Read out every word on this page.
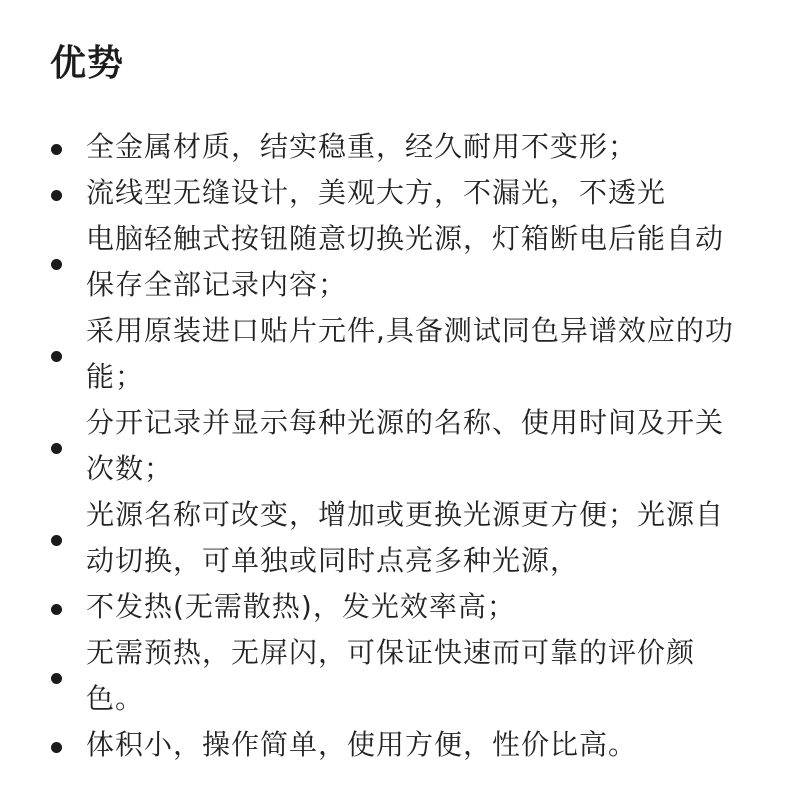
优势
全金属材质，结实稳重，经久耐用不变形；
流线型无缝设计，美观大方，不漏光，不透光
电脑轻触式按钮随意切换光源，灯箱断电后能自动保存全部记录内容；
采用原装进口贴片元件,具备测试同色异谱效应的功能；
分开记录并显示每种光源的名称、使用时间及开关次数；
光源名称可改变，增加或更换光源更方便；光源自动切换，可单独或同时点亮多种光源，
不发热(无需散热)，发光效率高；
无需预热，无屏闪，可保证快速而可靠的评价颜色。
体积小，操作简单，使用方便，性价比高。
